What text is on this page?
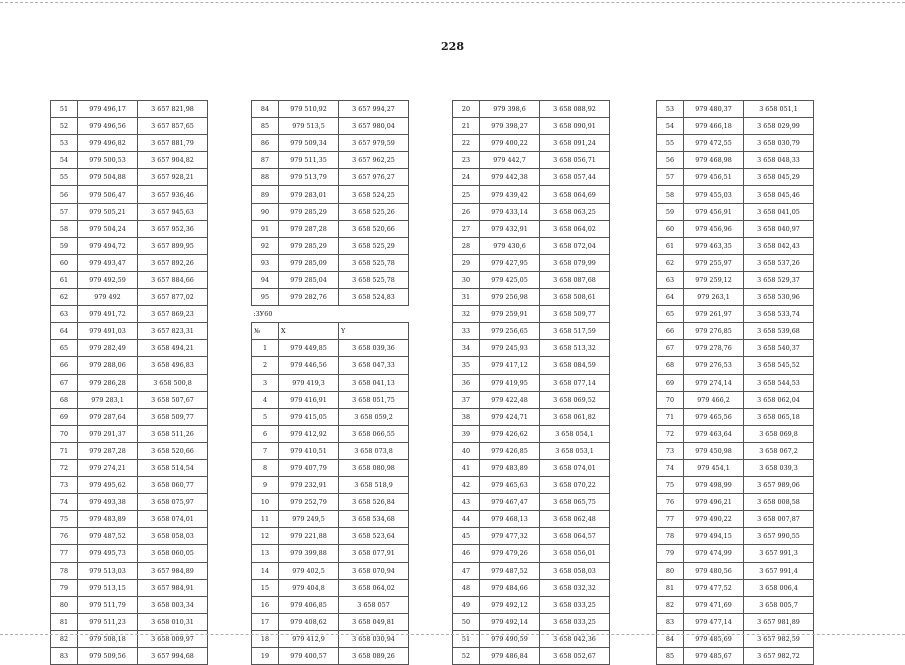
228
51	979 496,17	3 657 821,98
52	979 496,56	3 657 857,65
53	979 496,82	3 657 881,79
54	979 500,53	3 657 904,82
55	979 504,88	3 657 928,21
56	979 506,47	3 657 936,46
57	979 505,21	3 657 945,63
58	979 504,24	3 657 952,36
59	979 494,72	3 657 899,95
60	979 493,47	3 657 892,26
61	979 492,59	3 657 884,66
62	979 492	3 657 877,02
63	979 491,72	3 657 869,23
64	979 491,03	3 657 823,31
65	979 282,49	3 658 494,21
66	979 288,06	3 658 496,83
67	979 286,28	3 658 500,8
68	979 283,1	3 658 507,67
69	979 287,64	3 658 509,77
70	979 291,37	3 658 511,26
71	979 287,28	3 658 520,66
72	979 274,21	3 658 514,54
73	979 495,62	3 658 060,77
74	979 493,38	3 658 075,97
75	979 483,89	3 658 074,01
76	979 487,52	3 658 058,03
77	979 495,73	3 658 060,05
78	979 513,03	3 657 984,89
79	979 513,15	3 657 984,91
80	979 511,79	3 658 003,34
81	979 511,23	3 658 010,31
82	979 508,18	3 658 009,97
83	979 509,56	3 657 994,68
84	979 510,92	3 657 994,27
85	979 513,5	3 657 980,04
86	979 509,34	3 657 979,59
87	979 511,35	3 657 962,25
88	979 513,79	3 657 976,27
89	979 283,01	3 658 524,25
90	979 285,29	3 658 525,26
91	979 287,28	3 658 520,66
92	979 285,29	3 658 525,29
93	979 285,09	3 658 525,78
94	979 285,04	3 658 525,78
95	979 282,76	3 658 524,83
:ЗУ60		
№	X	Y
1	979 449,85	3 658 039,36
2	979 446,56	3 658 047,33
3	979 419,3	3 658 041,13
4	979 416,91	3 658 051,75
5	979 415,05	3 658 059,2
6	979 412,92	3 658 066,55
7	979 410,51	3 658 073,8
8	979 407,79	3 658 080,98
9	979 232,91	3 658 518,9
10	979 252,79	3 658 526,84
11	979 249,5	3 658 534,68
12	979 221,88	3 658 523,64
13	979 399,88	3 658 077,91
14	979 402,5	3 658 070,94
15	979 404,8	3 658 064,02
16	979 406,85	3 658 057
17	979 408,62	3 658 049,81
18	979 412,9	3 658 030,94
19	979 400,57	3 658 089,26
20	979 398,6	3 658 088,92
21	979 398,27	3 658 090,91
22	979 400,22	3 658 091,24
23	979 442,7	3 658 056,71
24	979 442,38	3 658 057,44
25	979 439,42	3 658 064,69
26	979 433,14	3 658 063,25
27	979 432,91	3 658 064,02
28	979 430,6	3 658 072,04
29	979 427,95	3 658 079,99
30	979 425,05	3 658 087,68
31	979 256,98	3 658 508,61
32	979 259,91	3 658 509,77
33	979 256,65	3 658 517,59
34	979 245,93	3 658 513,32
35	979 417,12	3 658 084,59
36	979 419,95	3 658 077,14
37	979 422,48	3 658 069,52
38	979 424,71	3 658 061,82
39	979 426,62	3 658 054,1
40	979 426,85	3 658 053,1
41	979 483,89	3 658 074,01
42	979 465,63	3 658 070,22
43	979 467,47	3 658 065,75
44	979 468,13	3 658 062,48
45	979 477,32	3 658 064,57
46	979 479,26	3 658 056,01
47	979 487,52	3 658 058,03
48	979 484,66	3 658 032,32
49	979 492,12	3 658 033,25
50	979 492,14	3 658 033,25
51	979 490,59	3 658 042,36
52	979 486,84	3 658 052,67
53	979 480,37	3 658 051,1
54	979 466,18	3 658 029,99
55	979 472,55	3 658 030,79
56	979 468,98	3 658 048,33
57	979 456,51	3 658 045,29
58	979 455,03	3 658 045,46
59	979 456,91	3 658 041,05
60	979 456,96	3 658 040,97
61	979 463,35	3 658 042,43
62	979 255,97	3 658 537,26
63	979 259,12	3 658 529,37
64	979 263,1	3 658 530,96
65	979 261,97	3 658 533,74
66	979 276,85	3 658 539,68
67	979 278,76	3 658 540,37
68	979 276,53	3 658 545,52
69	979 274,14	3 658 544,53
70	979 466,2	3 658 062,04
71	979 465,56	3 658 065,18
72	979 463,64	3 658 069,8
73	979 450,98	3 658 067,2
74	979 454,1	3 658 039,3
75	979 498,99	3 657 989,06
76	979 496,21	3 658 008,58
77	979 490,22	3 658 007,87
78	979 494,15	3 657 990,55
79	979 474,99	3 657 991,3
80	979 480,56	3 657 991,4
81	979 477,52	3 658 006,4
82	979 471,69	3 658 005,7
83	979 477,14	3 657 981,89
84	979 485,69	3 657 982,59
85	979 485,67	3 657 982,72
